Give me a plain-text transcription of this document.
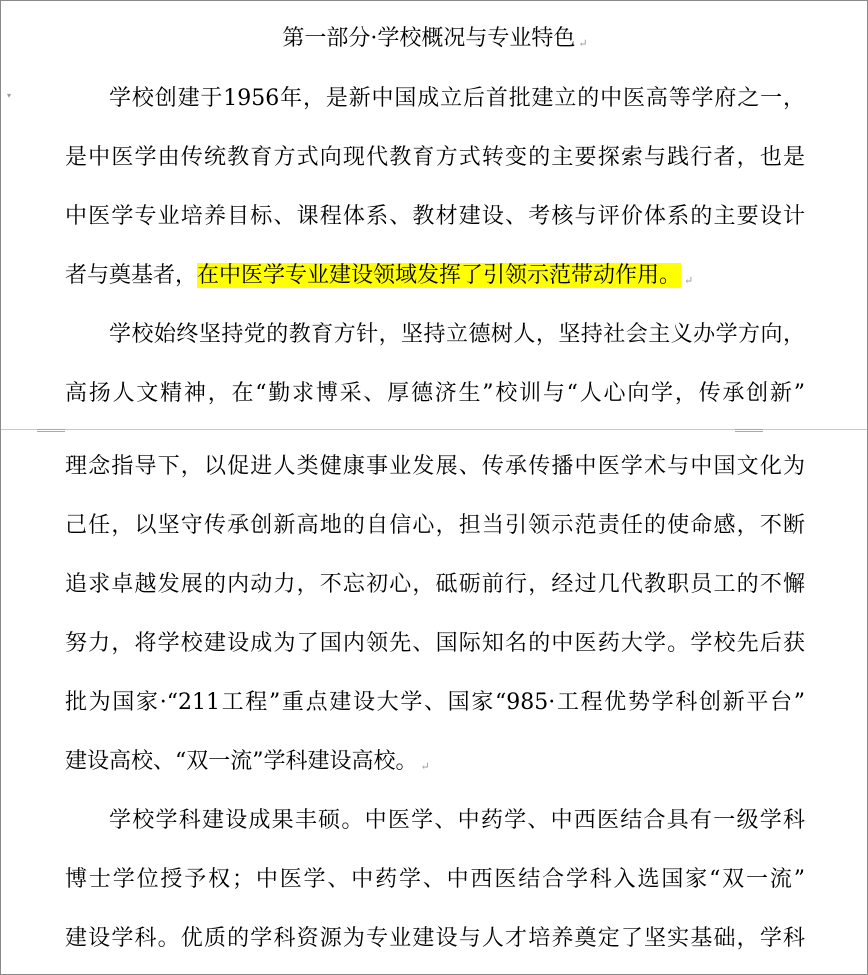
▾
第一部分·学校概况与专业特色 ↵
学校创建于1956年，是新中国成立后首批建立的中医高等学府之一，
是中医学由传统教育方式向现代教育方式转变的主要探索与践行者，也是
中医学专业培养目标、课程体系、教材建设、考核与评价体系的主要设计
者与奠基者，在中医学专业建设领域发挥了引领示范带动作用。 ↵
学校始终坚持党的教育方针，坚持立德树人，坚持社会主义办学方向，
高扬人文精神，在“勤求博采、厚德济生”校训与“人心向学，传承创新”
理念指导下，以促进人类健康事业发展、传承传播中医学术与中国文化为
己任，以坚守传承创新高地的自信心，担当引领示范责任的使命感，不断
追求卓越发展的内动力，不忘初心，砥砺前行，经过几代教职员工的不懈
努力，将学校建设成为了国内领先、国际知名的中医药大学。学校先后获
批为国家·“211工程”重点建设大学、国家“985·工程优势学科创新平台”
建设高校、“双一流”学科建设高校。 ↵
学校学科建设成果丰硕。中医学、中药学、中西医结合具有一级学科
博士学位授予权；中医学、中药学、中西医结合学科入选国家“双一流”
建设学科。优质的学科资源为专业建设与人才培养奠定了坚实基础，学科
